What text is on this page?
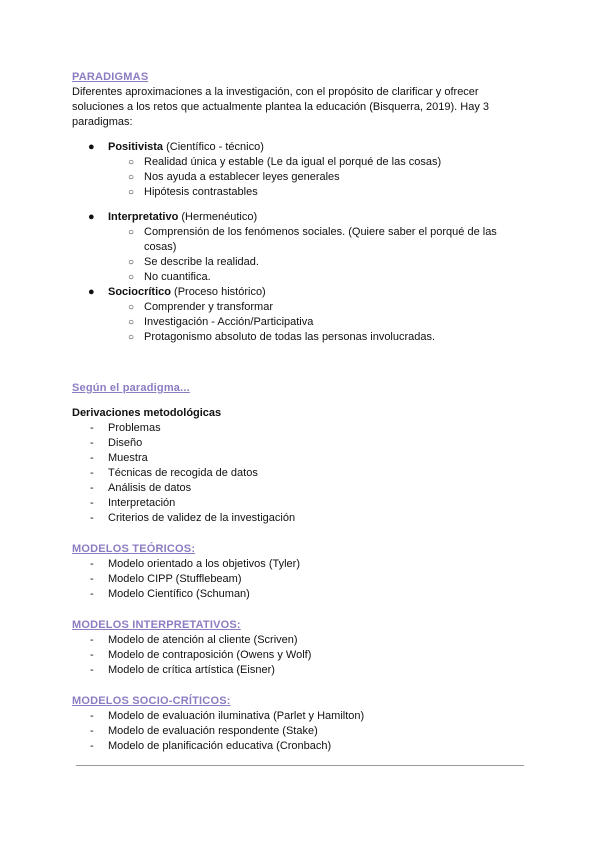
PARADIGMAS

Diferentes aproximaciones a la investigación, con el propósito de clarificar y ofrecer soluciones a los retos que actualmente plantea la educación (Bisquerra, 2019). Hay 3 paradigmas:

● Positivista (Científico - técnico)
○ Realidad única y estable (Le da igual el porqué de las cosas)
○ Nos ayuda a establecer leyes generales
○ Hipótesis contrastables
● Interpretativo (Hermenéutico)
○ Comprensión de los fenómenos sociales. (Quiere saber el porqué de las cosas)
○ Se describe la realidad.
○ No cuantifica.
● Sociocrítico (Proceso histórico)
○ Comprender y transformar
○ Investigación - Acción/Participativa
○ Protagonismo absoluto de todas las personas involucradas.

Según el paradigma...

Derivaciones metodológicas

- Problemas
- Diseño
- Muestra
- Técnicas de recogida de datos
- Análisis de datos
- Interpretación
- Criterios de validez de la investigación

MODELOS TEÓRICOS:

- Modelo orientado a los objetivos (Tyler)
- Modelo CIPP (Stufflebeam)
- Modelo Científico (Schuman)

MODELOS INTERPRETATIVOS:

- Modelo de atención al cliente (Scriven)
- Modelo de contraposición (Owens y Wolf)
- Modelo de crítica artística (Eisner)

MODELOS SOCIO-CRÍTICOS:

- Modelo de evaluación iluminativa (Parlet y Hamilton)
- Modelo de evaluación respondente (Stake)
- Modelo de planificación educativa (Cronbach)
